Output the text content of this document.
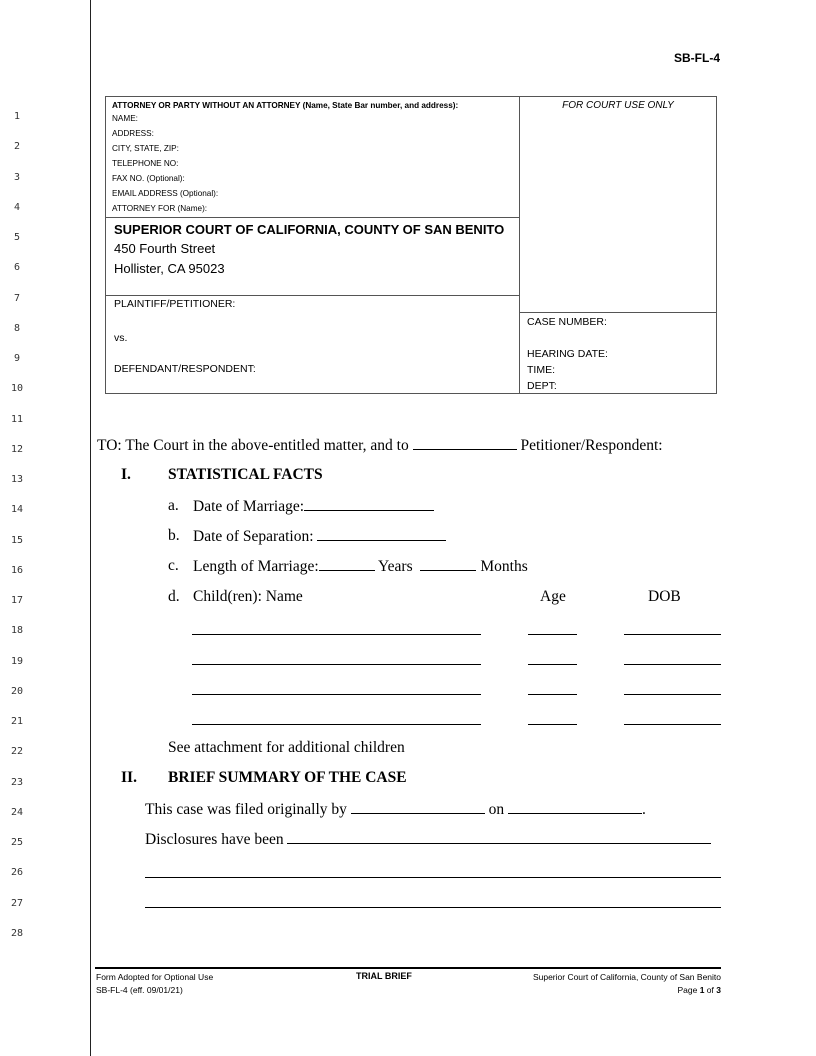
1
2
3
4
5
6
7
8
9
10
11
12
13
14
15
16
17
18
19
20
21
22
23
24
25
26
27
28
SB-FL-4
ATTORNEY OR PARTY WITHOUT AN ATTORNEY (Name, State Bar number, and address):
NAME:
ADDRESS:
CITY, STATE, ZIP:
TELEPHONE NO:
FAX NO. (Optional):
EMAIL ADDRESS (Optional):
ATTORNEY FOR (Name):
SUPERIOR COURT OF CALIFORNIA, COUNTY OF SAN BENITO
450 Fourth Street
Hollister, CA 95023
PLAINTIFF/PETITIONER:
vs.
DEFENDANT/RESPONDENT:
FOR COURT USE ONLY
CASE NUMBER:
HEARING DATE:
TIME:
DEPT:
TO: The Court in the above-entitled matter, and to	Petitioner/Respondent:
I. STATISTICAL FACTS
a. Date of Marriage:
b. Date of Separation:
c. Length of Marriage:	Years	Months
d. Child(ren): Name	Age	DOB
See attachment for additional children
II. BRIEF SUMMARY OF THE CASE
This case was filed originally by	on	.
Disclosures have been
Form Adopted for Optional Use
SB-FL-4 (eff. 09/01/21)
TRIAL BRIEF	Superior Court of California, County of San Benito
Page 1 of 3
